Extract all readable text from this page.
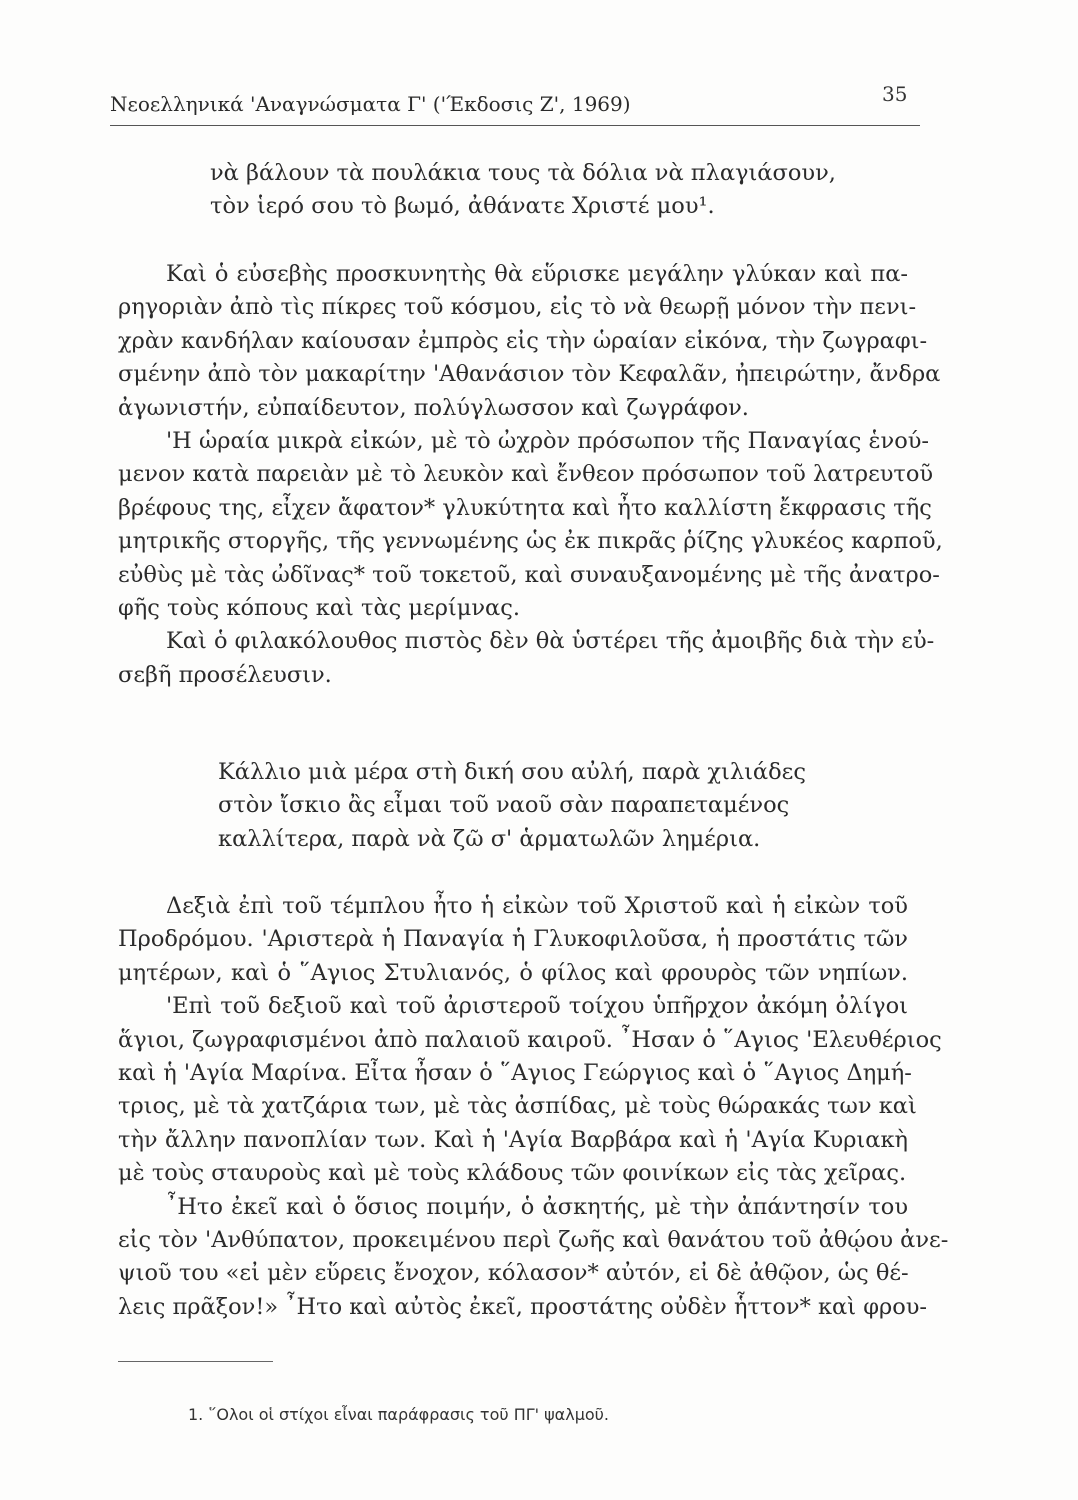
Νεοελληνικά 'Αναγνώσματα Γ' ('Έκδοσις Ζ', 1969)	35
νὰ βάλουν τὰ πουλάκια τους τὰ δόλια νὰ πλαγιάσουν,
τὸν ἱερό σου τὸ βωμό, ἀθάνατε Χριστέ μου¹.
Καὶ ὁ εὐσεβὴς προσκυνητὴς θὰ εὕρισκε μεγάλην γλύκαν καὶ πα-
ρηγοριὰν ἀπὸ τὶς πίκρες τοῦ κόσμου, εἰς τὸ νὰ θεωρῇ μόνον τὴν πενι-
χρὰν κανδήλαν καίουσαν ἐμπρὸς εἰς τὴν ὡραίαν εἰκόνα, τὴν ζωγραφι-
σμένην ἀπὸ τὸν μακαρίτην 'Αθανάσιον τὸν Κεφαλᾶν, ἠπειρώτην, ἄνδρα
ἀγωνιστήν, εὐπαίδευτον, πολύγλωσσον καὶ ζωγράφον.
'Η ὡραία μικρὰ εἰκών, μὲ τὸ ὠχρὸν πρόσωπον τῆς Παναγίας ἑνού-
μενον κατὰ παρειὰν μὲ τὸ λευκὸν καὶ ἔνθεον πρόσωπον τοῦ λατρευτοῦ
βρέφους της, εἶχεν ἄφατον* γλυκύτητα καὶ ἦτο καλλίστη ἔκφρασις τῆς
μητρικῆς στοργῆς, τῆς γεννωμένης ὡς ἐκ πικρᾶς ῥίζης γλυκέος καρποῦ,
εὐθὺς μὲ τὰς ὠδῖνας* τοῦ τοκετοῦ, καὶ συναυξανομένης μὲ τῆς ἀνατρο-
φῆς τοὺς κόπους καὶ τὰς μερίμνας.
Καὶ ὁ φιλακόλουθος πιστὸς δὲν θὰ ὑστέρει τῆς ἀμοιβῆς διὰ τὴν εὐ-
σεβῆ προσέλευσιν.
Κάλλιο μιὰ μέρα στὴ δική σου αὐλή, παρὰ χιλιάδες
στὸν ἴσκιο ἂς εἶμαι τοῦ ναοῦ σὰν παραπεταμένος
καλλίτερα, παρὰ νὰ ζῶ σ' ἁρματωλῶν λημέρια.
Δεξιὰ ἐπὶ τοῦ τέμπλου ἦτο ἡ εἰκὼν τοῦ Χριστοῦ καὶ ἡ εἰκὼν τοῦ
Προδρόμου. 'Αριστερὰ ἡ Παναγία ἡ Γλυκοφιλοῦσα, ἡ προστάτις τῶν
μητέρων, καὶ ὁ ῞Αγιος Στυλιανός, ὁ φίλος καὶ φρουρὸς τῶν νηπίων.
'Επὶ τοῦ δεξιοῦ καὶ τοῦ ἀριστεροῦ τοίχου ὑπῆρχον ἀκόμη ὀλίγοι
ἅγιοι, ζωγραφισμένοι ἀπὸ παλαιοῦ καιροῦ. ῏Ησαν ὁ ῞Αγιος 'Ελευθέριος
καὶ ἡ 'Αγία Μαρίνα. Εἶτα ἦσαν ὁ ῞Αγιος Γεώργιος καὶ ὁ ῞Αγιος Δημή-
τριος, μὲ τὰ χατζάρια των, μὲ τὰς ἀσπίδας, μὲ τοὺς θώρακάς των καὶ
τὴν ἄλλην πανοπλίαν των. Καὶ ἡ 'Αγία Βαρβάρα καὶ ἡ 'Αγία Κυριακὴ
μὲ τοὺς σταυροὺς καὶ μὲ τοὺς κλάδους τῶν φοινίκων εἰς τὰς χεῖρας.
῏Ητο ἐκεῖ καὶ ὁ ὅσιος ποιμήν, ὁ ἀσκητής, μὲ τὴν ἀπάντησίν του
εἰς τὸν 'Ανθύπατον, προκειμένου περὶ ζωῆς καὶ θανάτου τοῦ ἀθῴου ἀνε-
ψιοῦ του «εἰ μὲν εὕρεις ἔνοχον, κόλασον* αὐτόν, εἰ δὲ ἀθῷον, ὡς θέ-
λεις πρᾶξον!» ῏Ητο καὶ αὐτὸς ἐκεῖ, προστάτης οὐδὲν ἧττον* καὶ φρου-
1. ῞Ολοι οἱ στίχοι εἶναι παράφρασις τοῦ ΠΓ' ψαλμοῦ.
